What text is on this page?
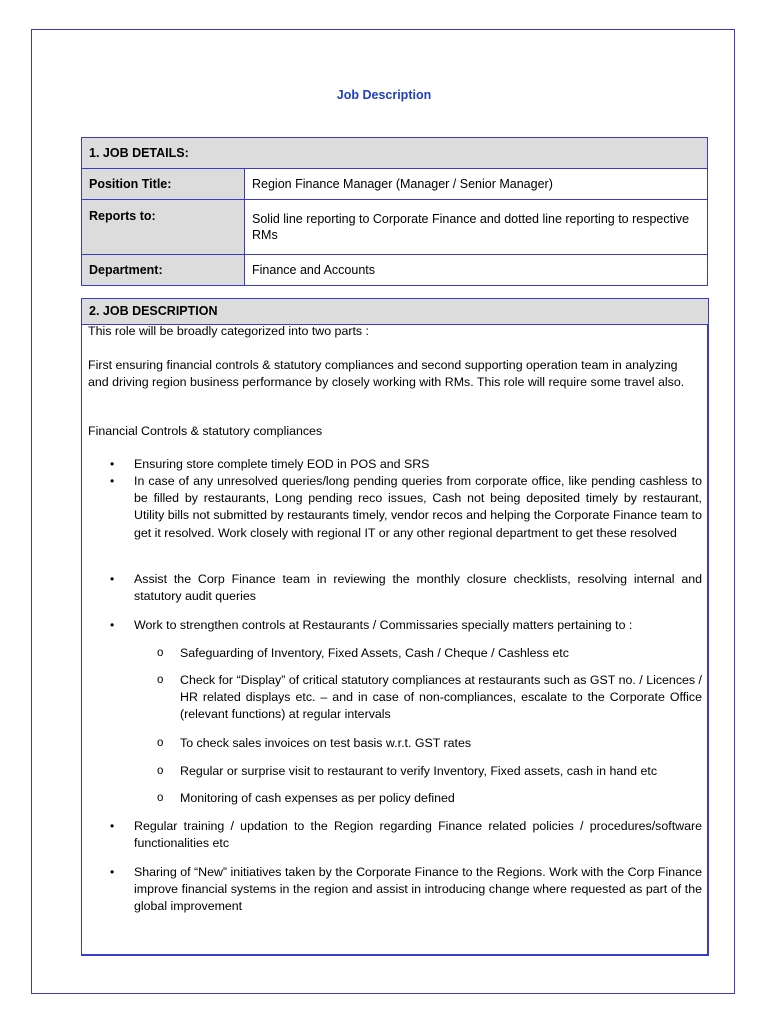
Job Description
1. JOB DETAILS:	
Position Title:	Region Finance Manager (Manager / Senior Manager)
Reports to:	Solid line reporting to Corporate Finance and dotted line reporting to respective RMs
Department:	Finance and Accounts
2. JOB DESCRIPTION

This role will be broadly categorized into two parts :

First ensuring financial controls & statutory compliances and second supporting operation team in analyzing and driving region business performance by closely working with RMs. This role will require some travel also.

Financial Controls & statutory compliances

• Ensuring store complete timely EOD in POS and SRS

• In case of any unresolved queries/long pending queries from corporate office, like pending cashless to be filled by restaurants, Long pending reco issues, Cash not being deposited timely by restaurant, Utility bills not submitted by restaurants timely, vendor recos and helping the Corporate Finance team to get it resolved. Work closely with regional IT or any other regional department to get these resolved

• Assist the Corp Finance team in reviewing the monthly closure checklists, resolving internal and statutory audit queries

• Work to strengthen controls at Restaurants / Commissaries specially matters pertaining to :

o Safeguarding of Inventory, Fixed Assets, Cash / Cheque / Cashless etc

o Check for “Display” of critical statutory compliances at restaurants such as GST no. / Licences / HR related displays etc. – and in case of non-compliances, escalate to the Corporate Office (relevant functions) at regular intervals

o To check sales invoices on test basis w.r.t. GST rates

o Regular or surprise visit to restaurant to verify Inventory, Fixed assets, cash in hand etc

o Monitoring of cash expenses as per policy defined

• Regular training / updation to the Region regarding Finance related policies / procedures/software functionalities etc

• Sharing of “New” initiatives taken by the Corporate Finance to the Regions. Work with the Corp Finance improve financial systems in the region and assist in introducing change where requested as part of the global improvement
